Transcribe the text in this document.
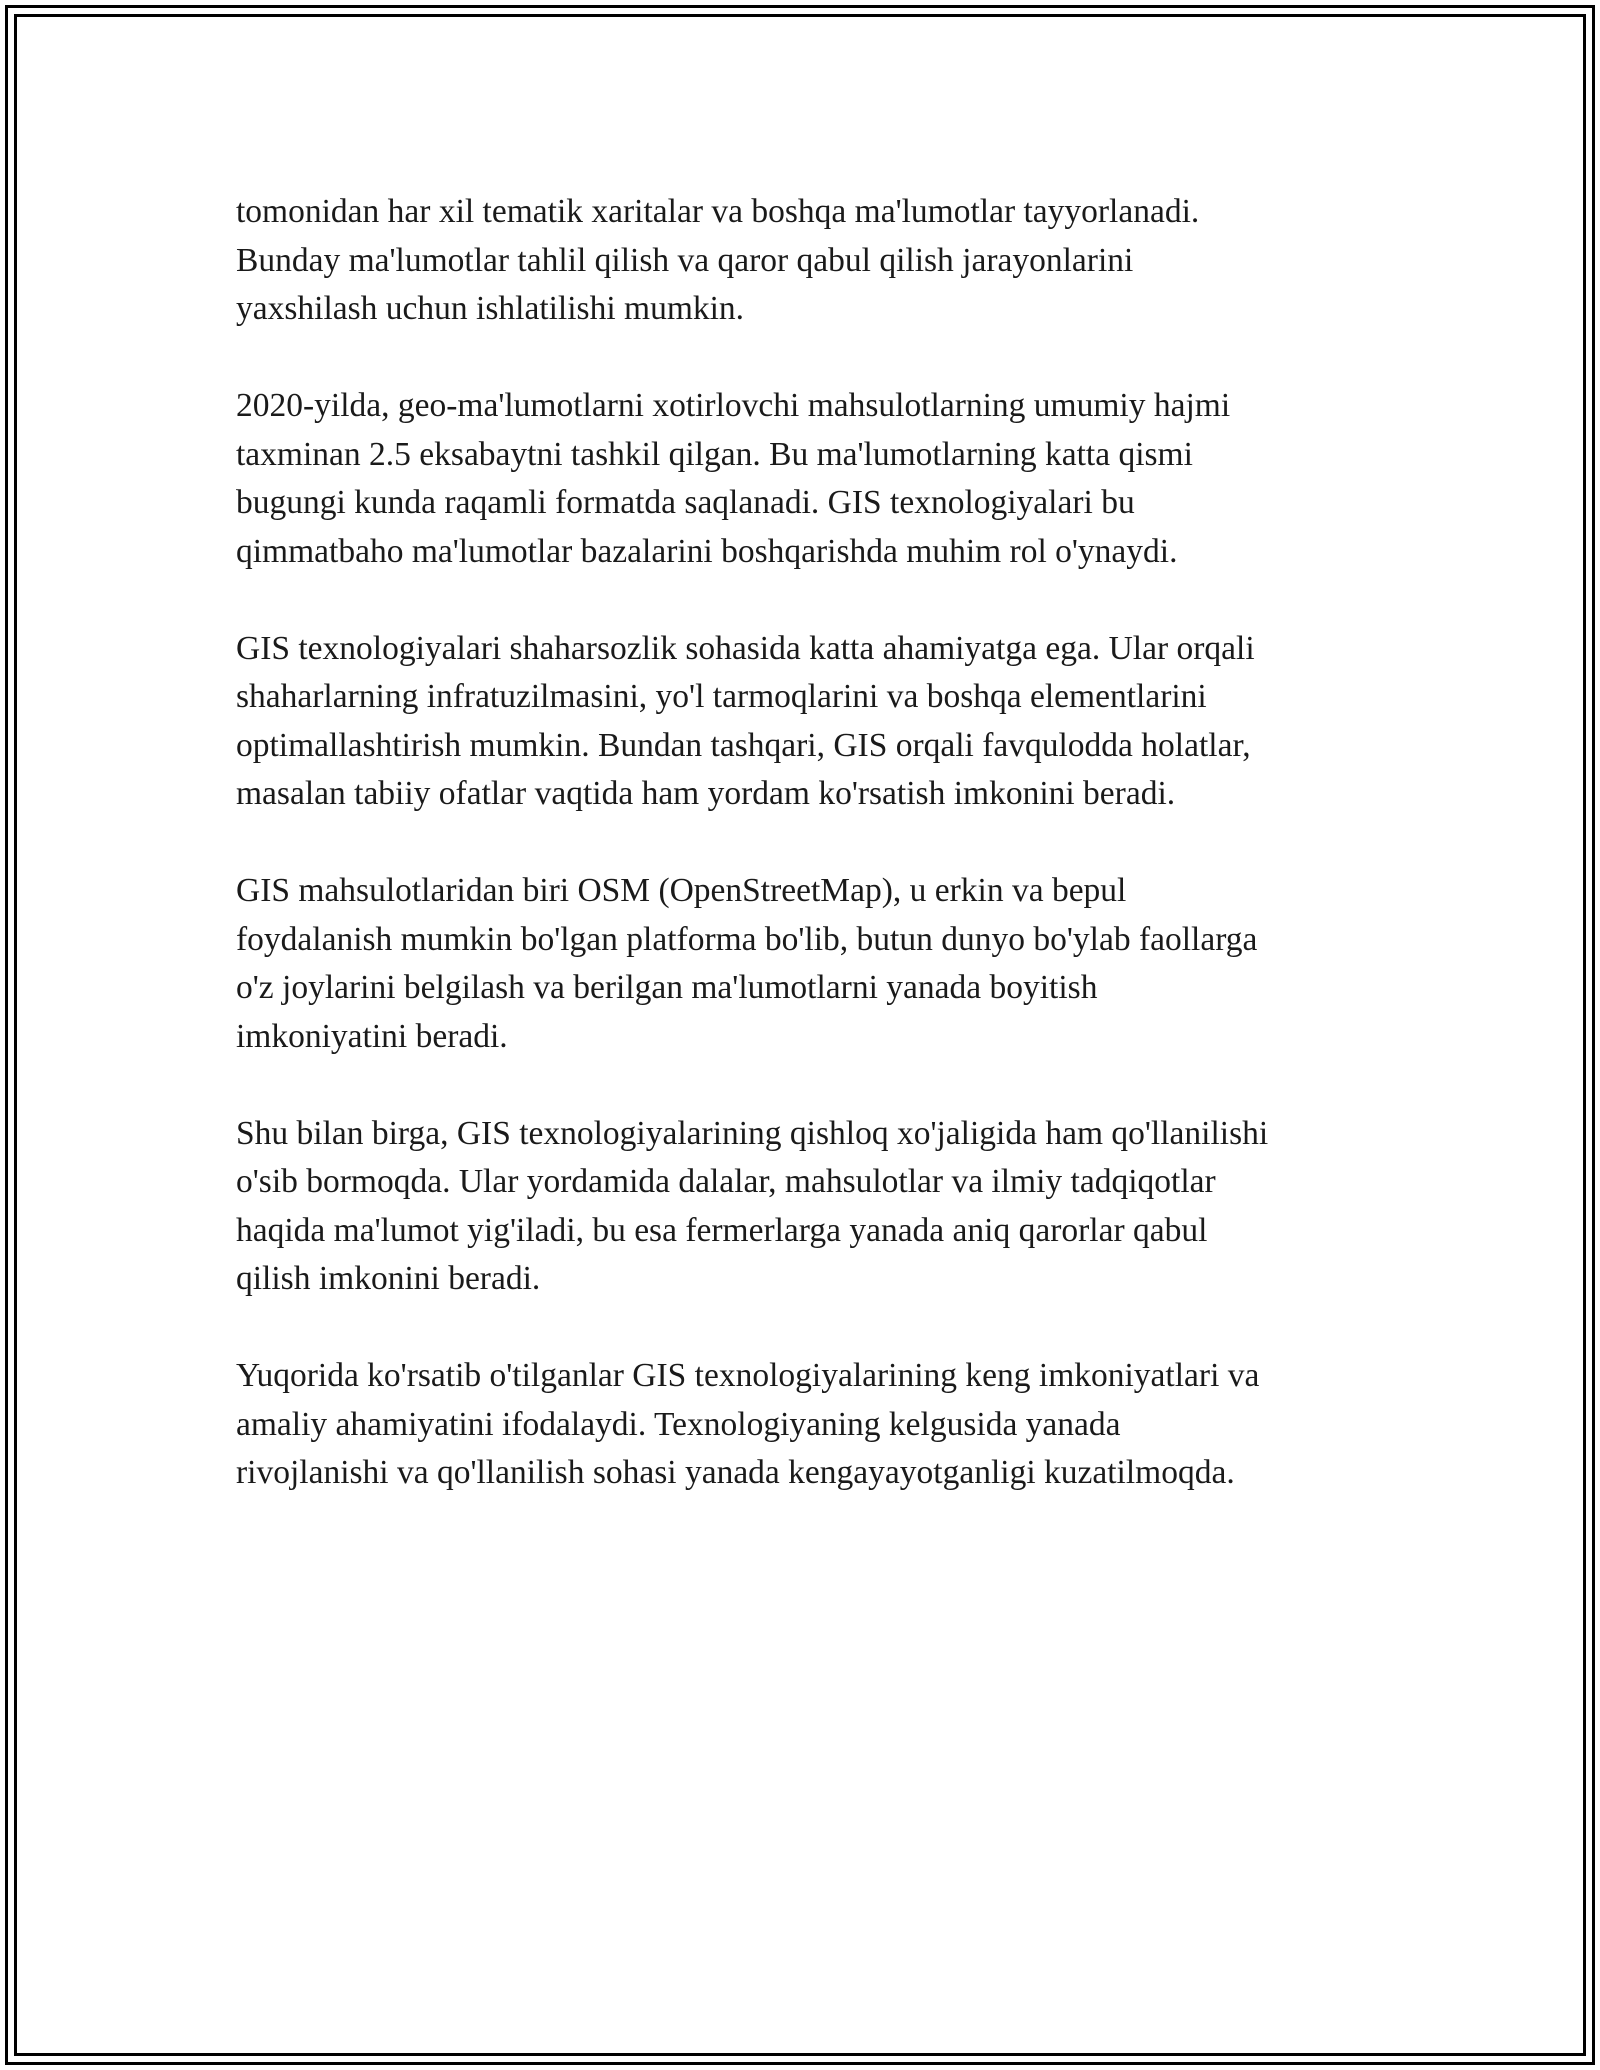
tomonidan har xil tematik xaritalar va boshqa ma'lumotlar tayyorlanadi.
Bunday ma'lumotlar tahlil qilish va qaror qabul qilish jarayonlarini
yaxshilash uchun ishlatilishi mumkin.

2020-yilda, geo-ma'lumotlarni xotirlovchi mahsulotlarning umumiy hajmi
taxminan 2.5 eksabaytni tashkil qilgan. Bu ma'lumotlarning katta qismi
bugungi kunda raqamli formatda saqlanadi. GIS texnologiyalari bu
qimmatbaho ma'lumotlar bazalarini boshqarishda muhim rol o'ynaydi.

GIS texnologiyalari shaharsozlik sohasida katta ahamiyatga ega. Ular orqali
shaharlarning infratuzilmasini, yo'l tarmoqlarini va boshqa elementlarini
optimallashtirish mumkin. Bundan tashqari, GIS orqali favqulodda holatlar,
masalan tabiiy ofatlar vaqtida ham yordam ko'rsatish imkonini beradi.

GIS mahsulotlaridan biri OSM (OpenStreetMap), u erkin va bepul
foydalanish mumkin bo'lgan platforma bo'lib, butun dunyo bo'ylab faollarga
o'z joylarini belgilash va berilgan ma'lumotlarni yanada boyitish
imkoniyatini beradi.

Shu bilan birga, GIS texnologiyalarining qishloq xo'jaligida ham qo'llanilishi
o'sib bormoqda. Ular yordamida dalalar, mahsulotlar va ilmiy tadqiqotlar
haqida ma'lumot yig'iladi, bu esa fermerlarga yanada aniq qarorlar qabul
qilish imkonini beradi.

Yuqorida ko'rsatib o'tilganlar GIS texnologiyalarining keng imkoniyatlari va
amaliy ahamiyatini ifodalaydi. Texnologiyaning kelgusida yanada
rivojlanishi va qo'llanilish sohasi yanada kengayayotganligi kuzatilmoqda.
